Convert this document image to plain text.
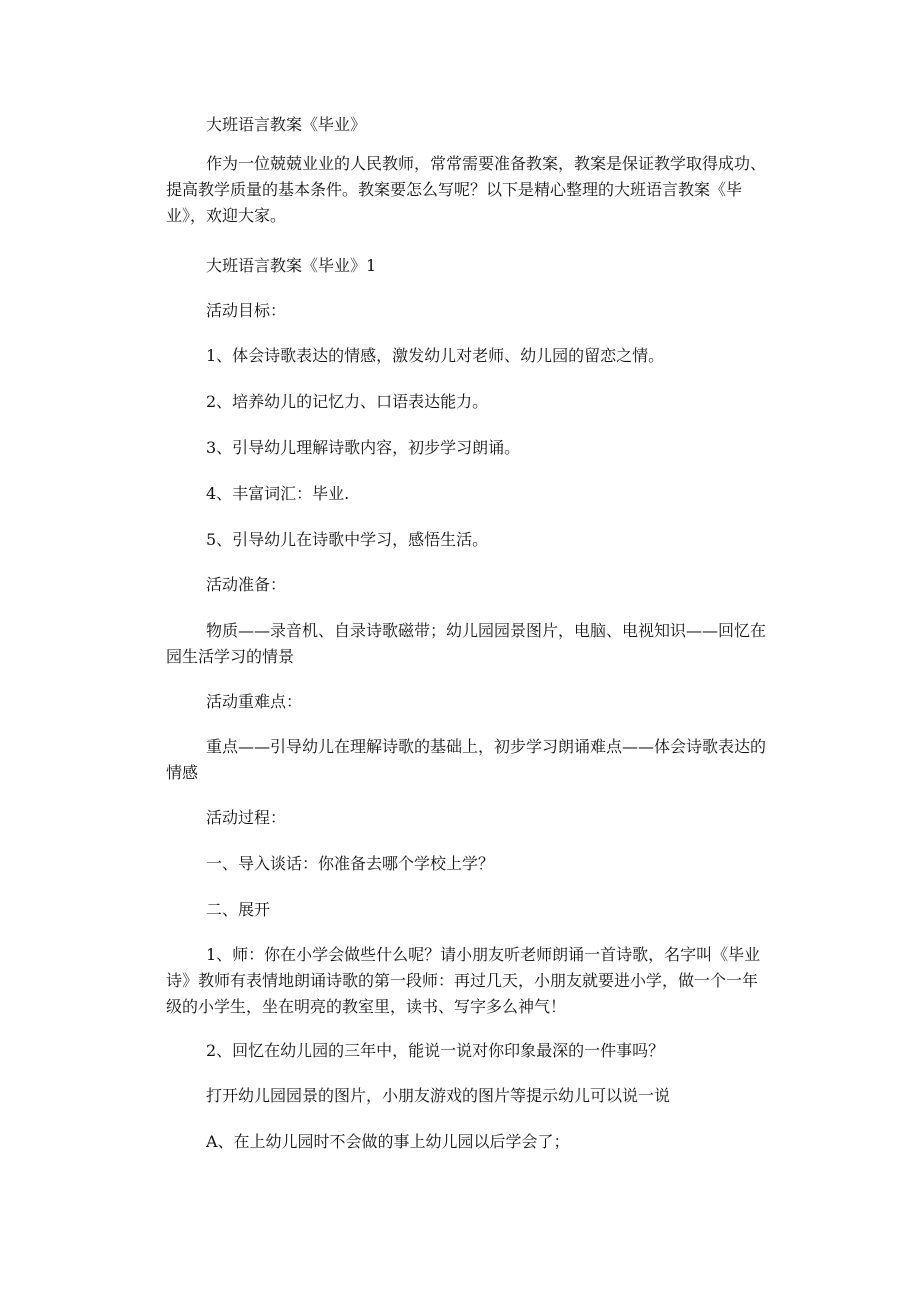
大班语言教案《毕业》

作为一位兢兢业业的人民教师，常常需要准备教案，教案是保证教学取得成功、提高教学质量的基本条件。教案要怎么写呢？以下是精心整理的大班语言教案《毕业》，欢迎大家。

大班语言教案《毕业》1

活动目标：

1、体会诗歌表达的情感，激发幼儿对老师、幼儿园的留恋之情。

2、培养幼儿的记忆力、口语表达能力。

3、引导幼儿理解诗歌内容，初步学习朗诵。

4、丰富词汇：毕业.

5、引导幼儿在诗歌中学习，感悟生活。

活动准备：

物质——录音机、自录诗歌磁带；幼儿园园景图片，电脑、电视知识——回忆在园生活学习的情景

活动重难点：

重点——引导幼儿在理解诗歌的基础上，初步学习朗诵难点——体会诗歌表达的情感

活动过程：

一、导入谈话：你准备去哪个学校上学？

二、展开

1、师：你在小学会做些什么呢？请小朋友听老师朗诵一首诗歌，名字叫《毕业诗》教师有表情地朗诵诗歌的第一段师：再过几天，小朋友就要进小学，做一个一年级的小学生，坐在明亮的教室里，读书、写字多么神气！

2、回忆在幼儿园的三年中，能说一说对你印象最深的一件事吗？

打开幼儿园园景的图片，小朋友游戏的图片等提示幼儿可以说一说

A、在上幼儿园时不会做的事上幼儿园以后学会了；
